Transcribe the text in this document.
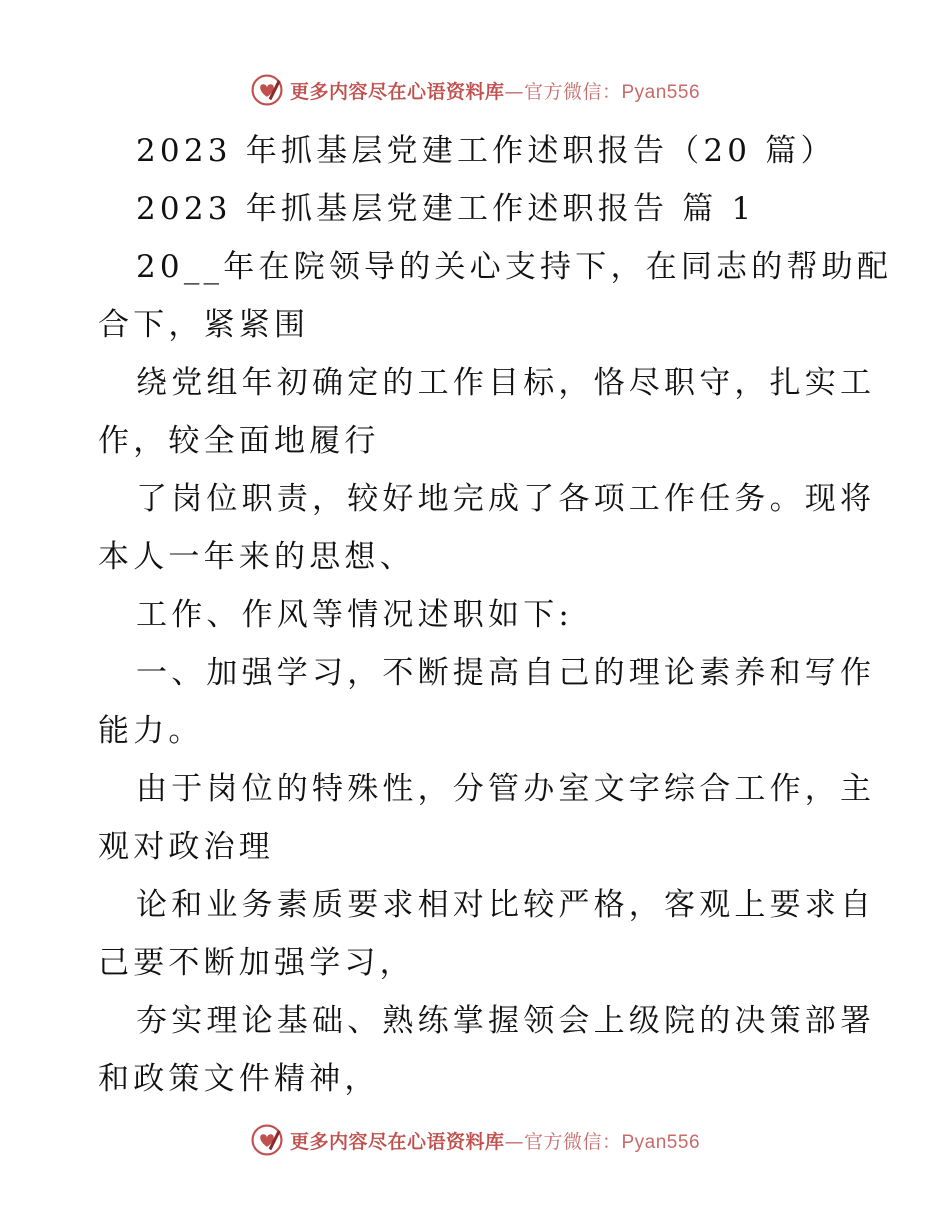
更多内容尽在心语资料库—官方微信：Pyan556
2023 年抓基层党建工作述职报告（20 篇）
2023 年抓基层党建工作述职报告 篇 1
20__年在院领导的关心支持下，在同志的帮助配
合下，紧紧围
绕党组年初确定的工作目标，恪尽职守，扎实工
作，较全面地履行
了岗位职责，较好地完成了各项工作任务。现将
本人一年来的思想、
工作、作风等情况述职如下:
一、加强学习，不断提高自己的理论素养和写作
能力。
由于岗位的特殊性，分管办室文字综合工作，主
观对政治理
论和业务素质要求相对比较严格，客观上要求自
己要不断加强学习，
夯实理论基础、熟练掌握领会上级院的决策部署
和政策文件精神，
更多内容尽在心语资料库—官方微信：Pyan556
